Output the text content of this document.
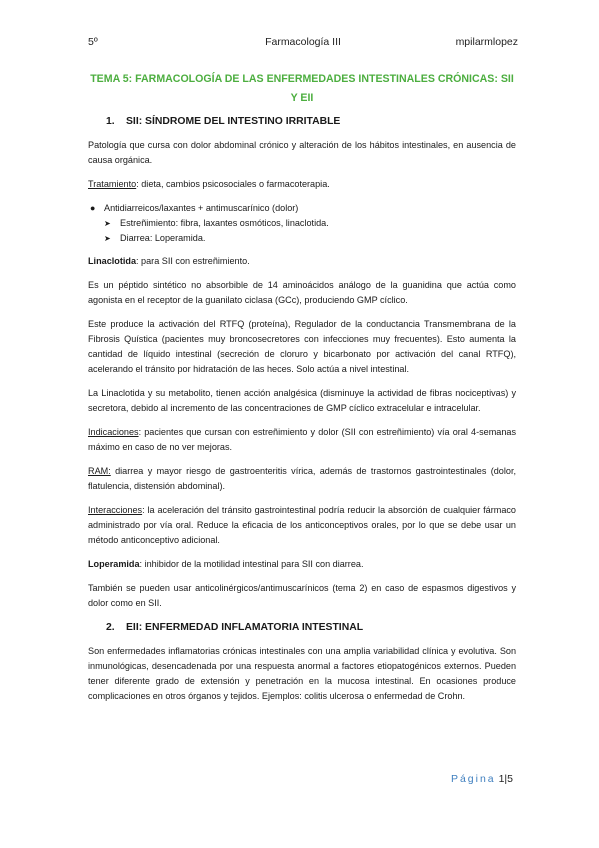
5º	Farmacología III	mpilarmlopez
TEMA 5: FARMACOLOGÍA DE LAS ENFERMEDADES INTESTINALES CRÓNICAS: SII Y EII
1. SII: SÍNDROME DEL INTESTINO IRRITABLE

Patología que cursa con dolor abdominal crónico y alteración de los hábitos intestinales, en ausencia de causa orgánica.

Tratamiento: dieta, cambios psicosociales o farmacoterapia.

● Antidiarreicos/laxantes + antimuscarínico (dolor)
➤ Estreñimiento: fibra, laxantes osmóticos, linaclotida.
➤ Diarrea: Loperamida.

Linaclotida: para SII con estreñimiento.

Es un péptido sintético no absorbible de 14 aminoácidos análogo de la guanidina que actúa como agonista en el receptor de la guanilato ciclasa (GCc), produciendo GMP cíclico.

Este produce la activación del RTFQ (proteína), Regulador de la conductancia Transmembrana de la Fibrosis Quística (pacientes muy broncosecretores con infecciones muy frecuentes). Esto aumenta la cantidad de líquido intestinal (secreción de cloruro y bicarbonato por activación del canal RTFQ), acelerando el tránsito por hidratación de las heces. Solo actúa a nivel intestinal.

La Linaclotida y su metabolito, tienen acción analgésica (disminuye la actividad de fibras nociceptivas) y secretora, debido al incremento de las concentraciones de GMP cíclico extracelular e intracelular.

Indicaciones: pacientes que cursan con estreñimiento y dolor (SII con estreñimiento) vía oral 4-semanas máximo en caso de no ver mejoras.

RAM: diarrea y mayor riesgo de gastroenteritis vírica, además de trastornos gastrointestinales (dolor, flatulencia, distensión abdominal).

Interacciones: la aceleración del tránsito gastrointestinal podría reducir la absorción de cualquier fármaco administrado por vía oral. Reduce la eficacia de los anticonceptivos orales, por lo que se debe usar un método anticonceptivo adicional.

Loperamida: inhibidor de la motilidad intestinal para SII con diarrea.

También se pueden usar anticolinérgicos/antimuscarínicos (tema 2) en caso de espasmos digestivos y dolor como en SII.

2. EII: ENFERMEDAD INFLAMATORIA INTESTINAL

Son enfermedades inflamatorias crónicas intestinales con una amplia variabilidad clínica y evolutiva. Son inmunológicas, desencadenada por una respuesta anormal a factores etiopatogénicos externos. Pueden tener diferente grado de extensión y penetración en la mucosa intestinal. En ocasiones produce complicaciones en otros órganos y tejidos. Ejemplos: colitis ulcerosa o enfermedad de Crohn.

Página 1|5
